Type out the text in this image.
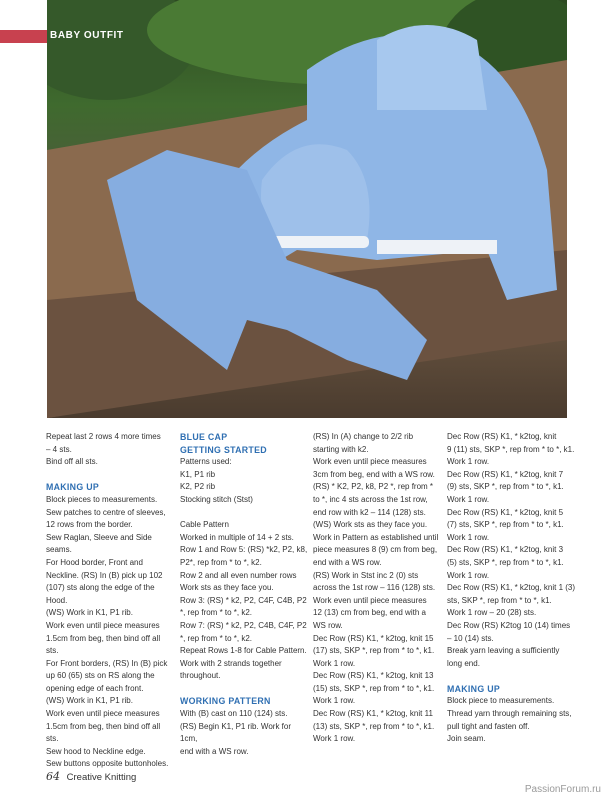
BABY OUTFIT

Repeat last 2 rows 4 more times

– 4 sts.

Bind off all sts.

MAKING UP

Block pieces to measurements.

Sew patches to centre of sleeves,

12 rows from the border.

Sew Raglan, Sleeve and Side

seams.

For Hood border, Front and

Neckline. (RS) In (B) pick up 102

(107) sts along the edge of the

Hood.

(WS) Work in K1, P1 rib.

Work even until piece measures

1.5cm from beg, then bind off all sts.

For Front borders, (RS) In (B) pick

up 60 (65) sts on RS along the

opening edge of each front.

(WS) Work in K1, P1 rib.

Work even until piece measures

1.5cm from beg, then bind off all sts.

Sew hood to Neckline edge.

Sew buttons opposite buttonholes.

BLUE CAP
GETTING STARTED

Patterns used:

K1, P1 rib

K2, P2 rib

Stocking stitch (Stst)

Cable Pattern

Worked in multiple of 14 + 2 sts.

Row 1 and Row 5: (RS) *k2, P2, k8,

P2*, rep from * to *, k2.

Row 2 and all even number rows

Work sts as they face you.

Row 3: (RS) * k2, P2, C4F, C4B, P2

*, rep from * to *, k2.

Row 7: (RS) * k2, P2, C4B, C4F, P2

*, rep from * to *, k2.

Repeat Rows 1-8 for Cable Pattern.

Work with 2 strands together

throughout.

WORKING PATTERN

With (B) cast on 110 (124) sts.

(RS) Begin K1, P1 rib. Work for 1cm,

end with a WS row.

(RS) In (A) change to 2/2 rib

starting with k2.

Work even until piece measures

3cm from beg, end with a WS row.

(RS) * K2, P2, k8, P2 *, rep from *

to *, inc 4 sts across the 1st row,

end row with k2 – 114 (128) sts.

(WS) Work sts as they face you.

Work in Pattern as established until

piece measures 8 (9) cm from beg,

end with a WS row.

(RS) Work in Stst inc 2 (0) sts

across the 1st row – 116 (128) sts.

Work even until piece measures

12 (13) cm from beg, end with a

WS row.

Dec Row (RS) K1, * k2tog, knit 15

(17) sts, SKP *, rep from * to *, k1.

Work 1 row.

Dec Row (RS) K1, * k2tog, knit 13

(15) sts, SKP *, rep from * to *, k1.

Work 1 row.

Dec Row (RS) K1, * k2tog, knit 11

(13) sts, SKP *, rep from * to *, k1.

Work 1 row.

Dec Row (RS) K1, * k2tog, knit

9 (11) sts, SKP *, rep from * to *, k1.

Work 1 row.

Dec Row (RS) K1, * k2tog, knit 7

(9) sts, SKP *, rep from * to *, k1.

Work 1 row.

Dec Row (RS) K1, * k2tog, knit 5

(7) sts, SKP *, rep from * to *, k1.

Work 1 row.

Dec Row (RS) K1, * k2tog, knit 3

(5) sts, SKP *, rep from * to *, k1.

Work 1 row.

Dec Row (RS) K1, * k2tog, knit 1 (3)

sts, SKP *, rep from * to *, k1.

Work 1 row – 20 (28) sts.

Dec Row (RS) K2tog 10 (14) times

– 10 (14) sts.

Break yarn leaving a sufficiently

long end.

MAKING UP

Block piece to measurements.

Thread yarn through remaining sts,

pull tight and fasten off.

Join seam.

64 Creative Knitting
PassionForum.ru
